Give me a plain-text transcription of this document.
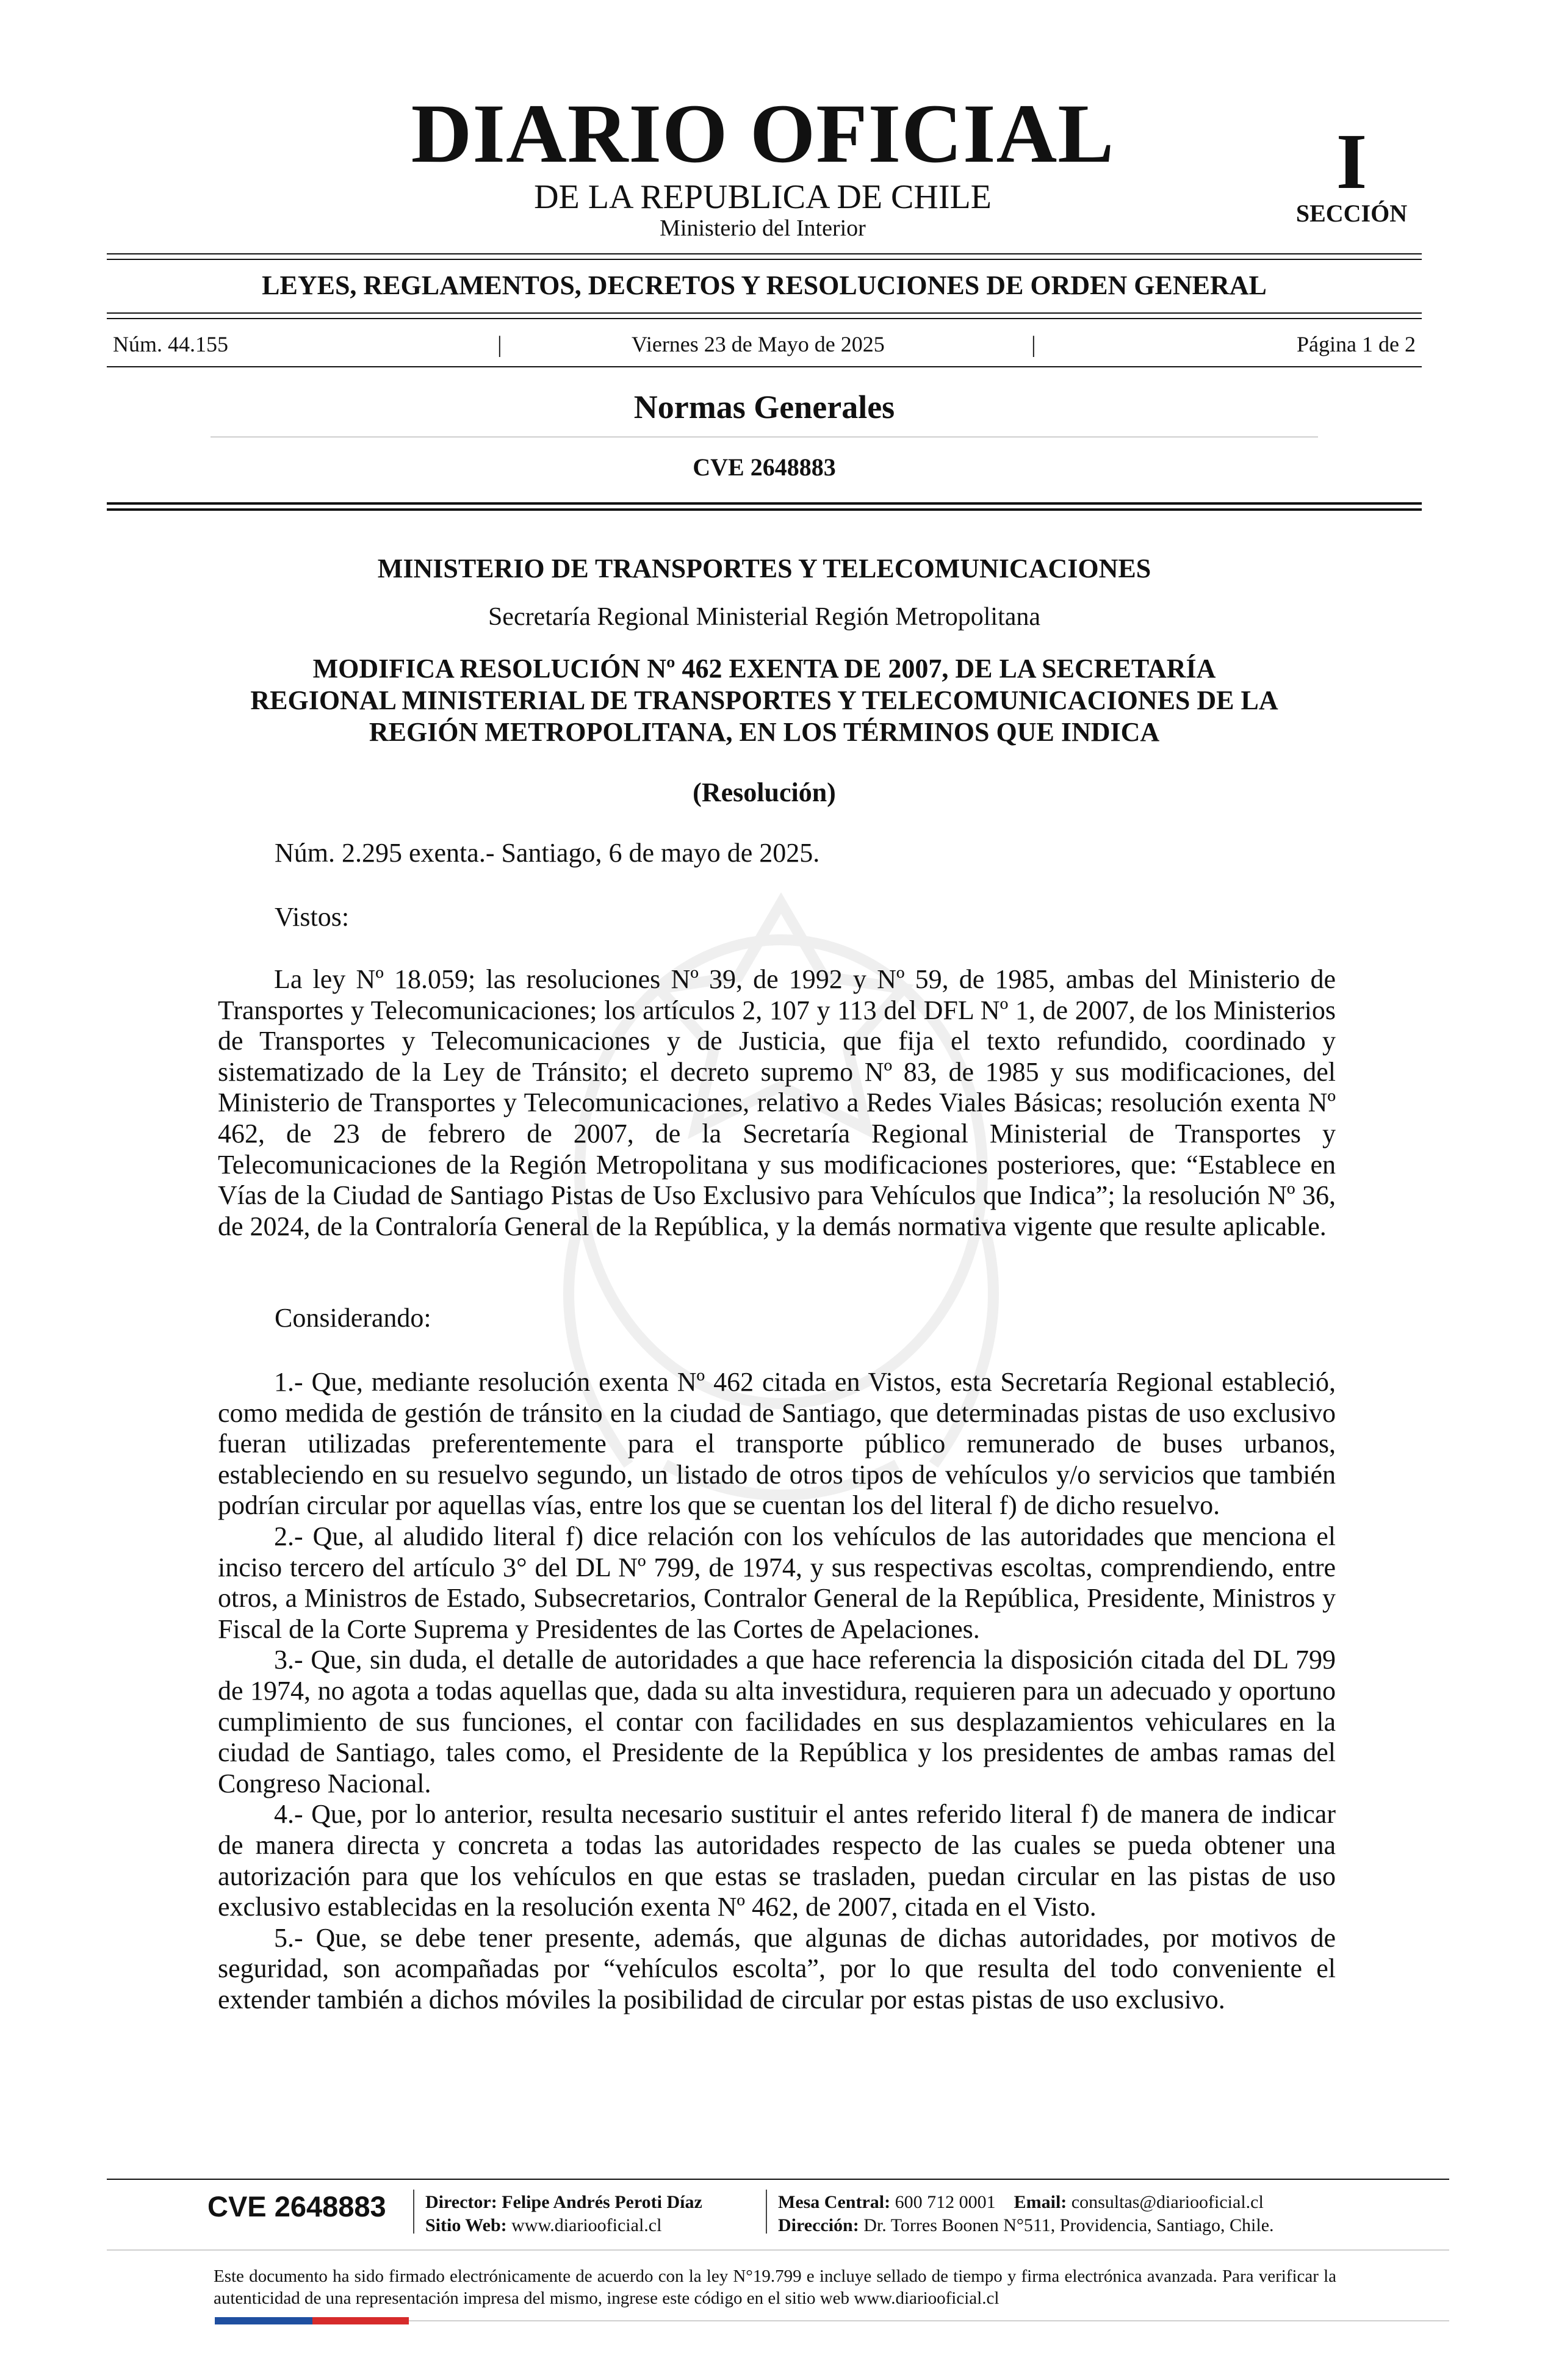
DIARIO OFICIAL
DE LA REPUBLICA DE CHILE
Ministerio del Interior
I
SECCIÓN
LEYES, REGLAMENTOS, DECRETOS Y RESOLUCIONES DE ORDEN GENERAL
Núm. 44.155	|	Viernes 23 de Mayo de 2025	|	Página 1 de 2
Normas Generales
CVE 2648883
MINISTERIO DE TRANSPORTES Y TELECOMUNICACIONES
Secretaría Regional Ministerial Región Metropolitana
MODIFICA RESOLUCIÓN Nº 462 EXENTA DE 2007, DE LA SECRETARÍA
REGIONAL MINISTERIAL DE TRANSPORTES Y TELECOMUNICACIONES DE LA
REGIÓN METROPOLITANA, EN LOS TÉRMINOS QUE INDICA
(Resolución)
Núm. 2.295 exenta.- Santiago, 6 de mayo de 2025.
Vistos:

La ley Nº 18.059; las resoluciones Nº 39, de 1992 y Nº 59, de 1985, ambas del Ministerio de Transportes y Telecomunicaciones; los artículos 2, 107 y 113 del DFL Nº 1, de 2007, de los Ministerios de Transportes y Telecomunicaciones y de Justicia, que fija el texto refundido, coordinado y sistematizado de la Ley de Tránsito; el decreto supremo Nº 83, de 1985 y sus modificaciones, del Ministerio de Transportes y Telecomunicaciones, relativo a Redes Viales Básicas; resolución exenta Nº 462, de 23 de febrero de 2007, de la Secretaría Regional Ministerial de Transportes y Telecomunicaciones de la Región Metropolitana y sus modificaciones posteriores, que: “Establece en Vías de la Ciudad de Santiago Pistas de Uso Exclusivo para Vehículos que Indica”; la resolución Nº 36, de 2024, de la Contraloría General de la República, y la demás normativa vigente que resulte aplicable.

Considerando:

1.- Que, mediante resolución exenta Nº 462 citada en Vistos, esta Secretaría Regional estableció, como medida de gestión de tránsito en la ciudad de Santiago, que determinadas pistas de uso exclusivo fueran utilizadas preferentemente para el transporte público remunerado de buses urbanos, estableciendo en su resuelvo segundo, un listado de otros tipos de vehículos y/o servicios que también podrían circular por aquellas vías, entre los que se cuentan los del literal f) de dicho resuelvo.

2.- Que, al aludido literal f) dice relación con los vehículos de las autoridades que menciona el inciso tercero del artículo 3° del DL Nº 799, de 1974, y sus respectivas escoltas, comprendiendo, entre otros, a Ministros de Estado, Subsecretarios, Contralor General de la República, Presidente, Ministros y Fiscal de la Corte Suprema y Presidentes de las Cortes de Apelaciones.

3.- Que, sin duda, el detalle de autoridades a que hace referencia la disposición citada del DL 799 de 1974, no agota a todas aquellas que, dada su alta investidura, requieren para un adecuado y oportuno cumplimiento de sus funciones, el contar con facilidades en sus desplazamientos vehiculares en la ciudad de Santiago, tales como, el Presidente de la República y los presidentes de ambas ramas del Congreso Nacional.

4.- Que, por lo anterior, resulta necesario sustituir el antes referido literal f) de manera de indicar de manera directa y concreta a todas las autoridades respecto de las cuales se pueda obtener una autorización para que los vehículos en que estas se trasladen, puedan circular en las pistas de uso exclusivo establecidas en la resolución exenta Nº 462, de 2007, citada en el Visto.

5.- Que, se debe tener presente, además, que algunas de dichas autoridades, por motivos de seguridad, son acompañadas por “vehículos escolta”, por lo que resulta del todo conveniente el extender también a dichos móviles la posibilidad de circular por estas pistas de uso exclusivo.

CVE 2648883 Director: Felipe Andrés Peroti Díaz
Sitio Web: www.diariooficial.cl
Mesa Central: 600 712 0001 Email: consultas@diariooficial.cl
Dirección: Dr. Torres Boonen N°511, Providencia, Santiago, Chile.
Este documento ha sido firmado electrónicamente de acuerdo con la ley N°19.799 e incluye sellado de tiempo y firma electrónica avanzada. Para verificar la autenticidad de una representación impresa del mismo, ingrese este código en el sitio web www.diariooficial.cl
